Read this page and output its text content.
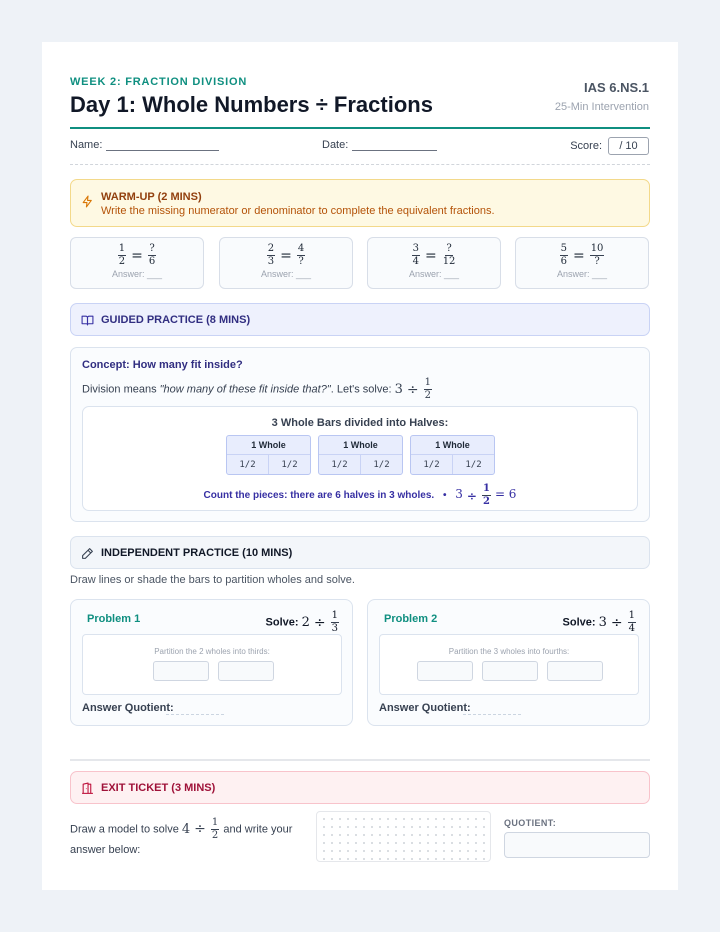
WEEK 2: FRACTION DIVISION
Day 1: Whole Numbers ÷ Fractions
IAS 6.NS.1
25-Min Intervention
Name:	Date:	Score:	/ 10
WARM-UP (2 MINS)
Write the missing numerator or denominator to complete the equivalent fractions.
$\frac{1}{2} = \frac{?}{6}$
Answer: ___
$\frac{2}{3} = \frac{4}{?}$
Answer: ___
$\frac{3}{4} = \frac{?}{12}$
Answer: ___
$\frac{5}{6} = \frac{10}{?}$
Answer: ___
GUIDED PRACTICE (8 MINS)
Concept: How many fit inside?
Division means "how many of these fit inside that?". Let's solve: $3 \div \frac{1}{2}$
3 Whole Bars divided into Halves:
1 Whole
1/2	1/2
1 Whole
1/2	1/2
1 Whole
1/2	1/2
Count the pieces: there are 6 halves in 3 wholes. • $3 \div \frac{1}{2} = 6$
INDEPENDENT PRACTICE (10 MINS)
Draw lines or shade the bars to partition wholes and solve.
Problem 1	Solve: $2 \div \frac{1}{3}$
Partition the 2 wholes into thirds:
Answer Quotient:
Problem 2	Solve: $3 \div \frac{1}{4}$
Partition the 3 wholes into fourths:
Answer Quotient:
EXIT TICKET (3 MINS)
Draw a model to solve $4 \div \frac{1}{2}$ and write your answer below:
QUOTIENT:
